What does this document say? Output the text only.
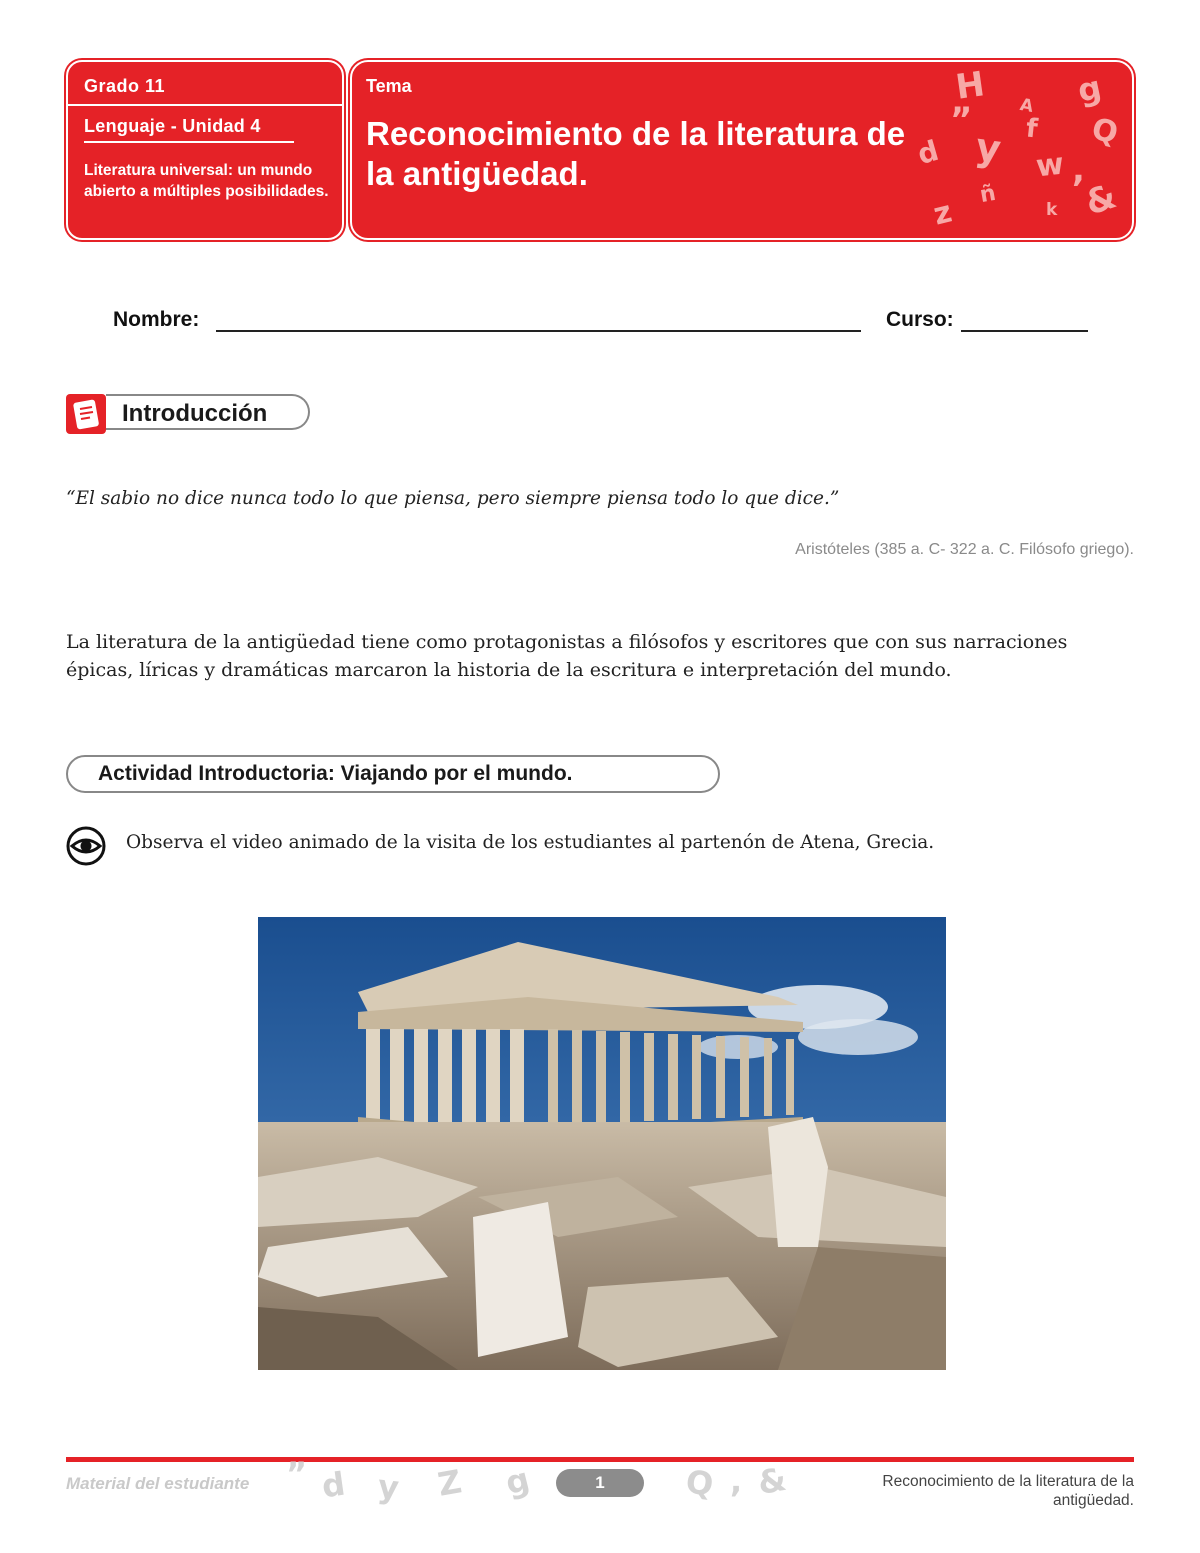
Grado 11
Lenguaje - Unidad 4
Literatura universal: un mundo abierto a múltiples posibilidades.
Tema
Reconocimiento de la literatura de la antigüedad.
H A g
” f Q
d y w ,
ñ &
z	k
Nombre:	Curso:
Introducción
“El sabio no dice nunca todo lo que piensa, pero siempre piensa todo lo que dice.”
Aristóteles (385 a. C- 322 a. C. Filósofo griego).
La literatura de la antigüedad tiene como protagonistas a filósofos y escritores que con sus narraciones épicas, líricas y dramáticas marcaron la historia de la escritura e interpretación del mundo.
Actividad Introductoria: Viajando por el mundo.
Observa el video animado de la visita de los estudiantes al partenón de Atena, Grecia.
Material del estudiante ” d y Z g	Q , &
1	Reconocimiento de la literatura de la antigüedad.
